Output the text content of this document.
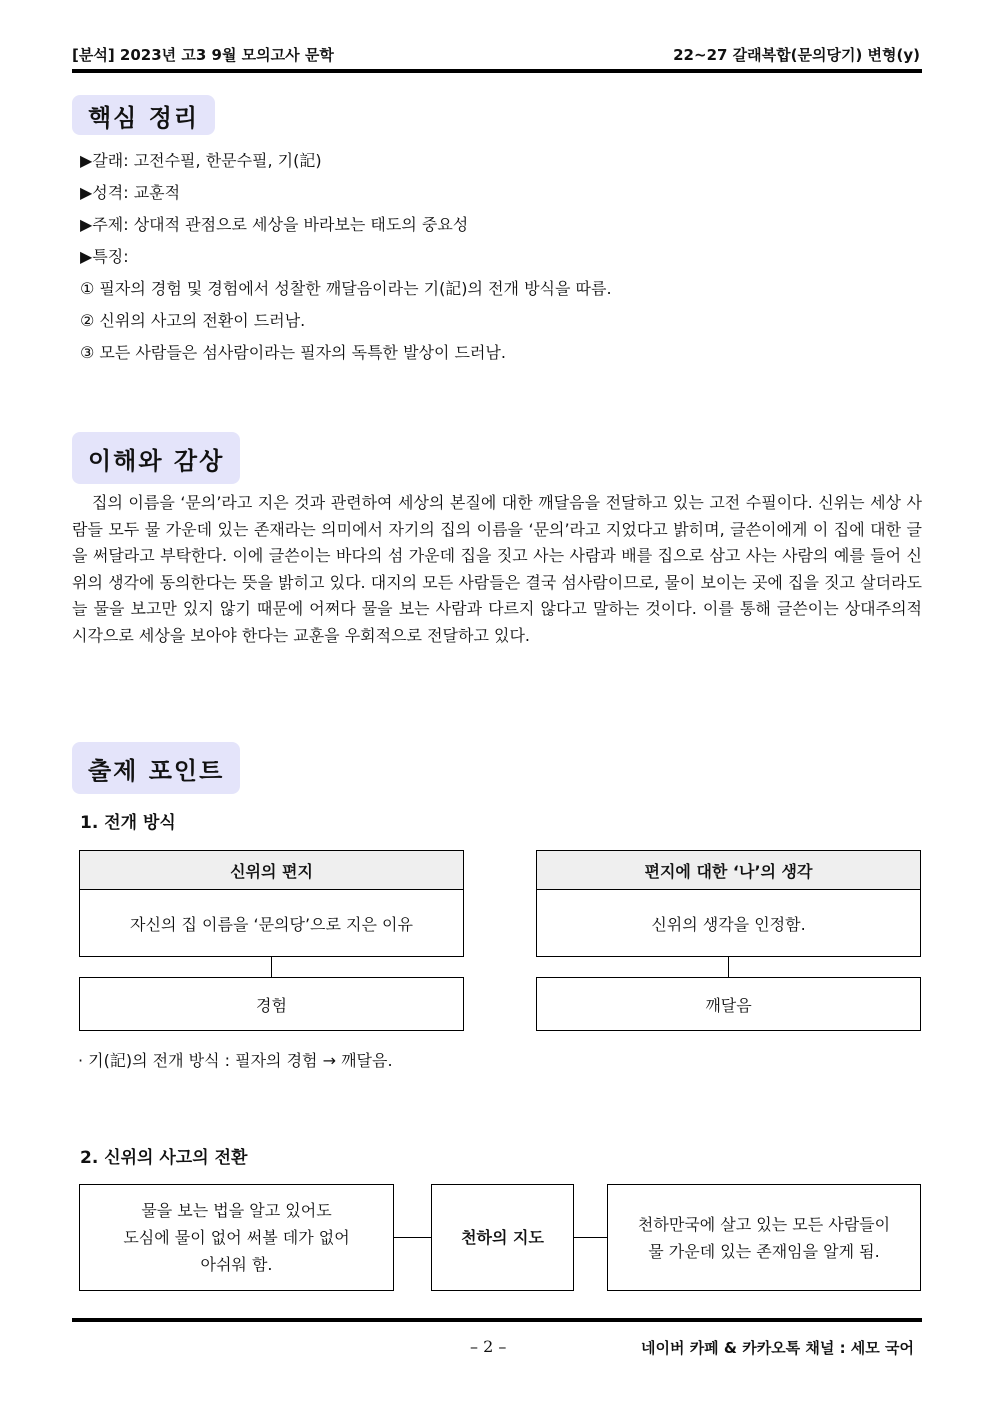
[분석] 2023년 고3 9월 모의고사 문학	22~27 갈래복합(문의당기) 변형(y)
핵심 정리
▶갈래: 고전수필, 한문수필, 기(記)
▶성격: 교훈적
▶주제: 상대적 관점으로 세상을 바라보는 태도의 중요성
▶특징:
① 필자의 경험 및 경험에서 성찰한 깨달음이라는 기(記)의 전개 방식을 따름.
② 신위의 사고의 전환이 드러남.
③ 모든 사람들은 섬사람이라는 필자의 독특한 발상이 드러남.
이해와 감상
집의 이름을 ‘문의’라고 지은 것과 관련하여 세상의 본질에 대한 깨달음을 전달하고 있는 고전 수필이다. 신위는 세상 사람들 모두 물 가운데 있는 존재라는 의미에서 자기의 집의 이름을 ‘문의’라고 지었다고 밝히며, 글쓴이에게 이 집에 대한 글을 써달라고 부탁한다. 이에 글쓴이는 바다의 섬 가운데 집을 짓고 사는 사람과 배를 집으로 삼고 사는 사람의 예를 들어 신위의 생각에 동의한다는 뜻을 밝히고 있다. 대지의 모든 사람들은 결국 섬사람이므로, 물이 보이는 곳에 집을 짓고 살더라도 늘 물을 보고만 있지 않기 때문에 어쩌다 물을 보는 사람과 다르지 않다고 말하는 것이다. 이를 통해 글쓴이는 상대주의적 시각으로 세상을 보아야 한다는 교훈을 우회적으로 전달하고 있다.
출제 포인트
1. 전개 방식
신위의 편지
자신의 집 이름을 ‘문의당’으로 지은 이유
경험
편지에 대한 ‘나’의 생각
신위의 생각을 인정함.
깨달음
· 기(記)의 전개 방식 : 필자의 경험 → 깨달음.
2. 신위의 사고의 전환
물을 보는 법을 알고 있어도
도심에 물이 없어 써볼 데가 없어
아쉬워 함.
천하의 지도
천하만국에 살고 있는 모든 사람들이
물 가운데 있는 존재임을 알게 됨.
– 2 –	네이버 카페 & 카카오톡 채널 : 세모 국어
